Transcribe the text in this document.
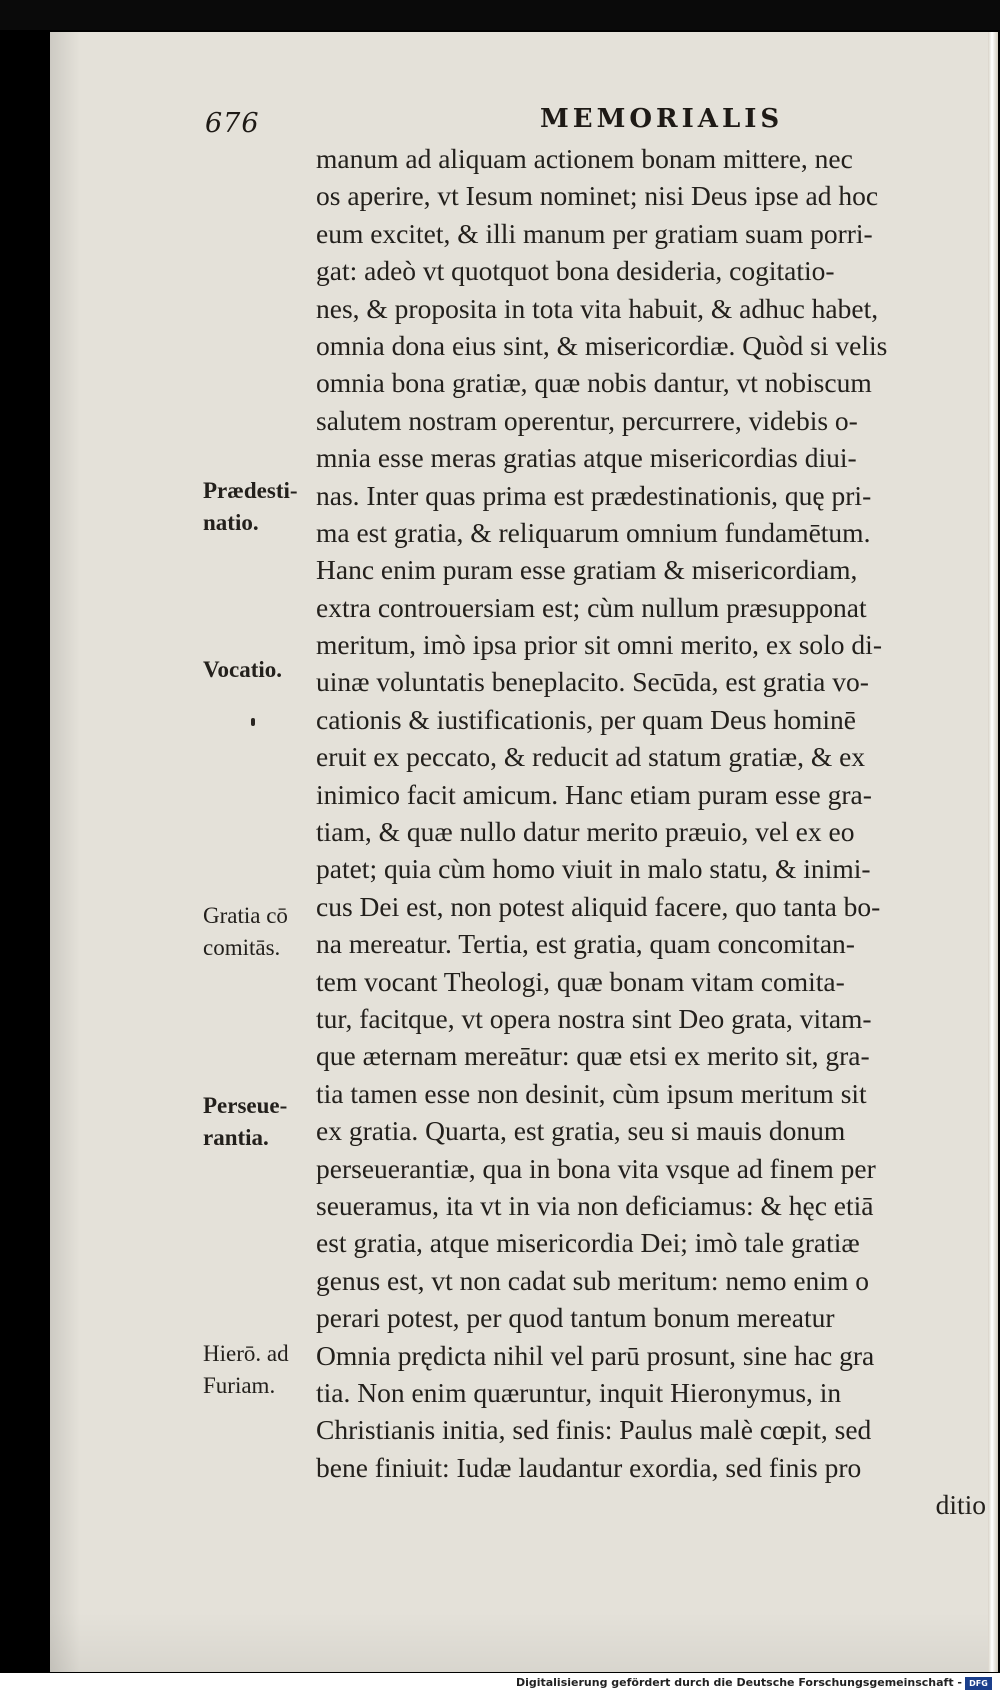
676	MEMORIALIS
manum ad aliquam actionem bonam mittere, nec
os aperire, vt Iesum nominet; nisi Deus ipse ad hoc
eum excitet, & illi manum per gratiam suam porri-
gat: adeò vt quotquot bona desideria, cogitatio-
nes, & proposita in tota vita habuit, & adhuc habet,
omnia dona eius sint, & misericordiæ. Quòd si velis
omnia bona gratiæ, quæ nobis dantur, vt nobiscum
salutem nostram operentur, percurrere, videbis o-
mnia esse meras gratias atque misericordias diui-
nas. Inter quas prima est prædestinationis, quę pri-
ma est gratia, & reliquarum omnium fundamētum.
Hanc enim puram esse gratiam & misericordiam,
extra controuersiam est; cùm nullum præsupponat
meritum, imò ipsa prior sit omni merito, ex solo di-
uinæ voluntatis beneplacito. Secūda, est gratia vo-
cationis & iustificationis, per quam Deus hominē
eruit ex peccato, & reducit ad statum gratiæ, & ex
inimico facit amicum. Hanc etiam puram esse gra-
tiam, & quæ nullo datur merito præuio, vel ex eo
patet; quia cùm homo viuit in malo statu, & inimi-
cus Dei est, non potest aliquid facere, quo tanta bo-
na mereatur. Tertia, est gratia, quam concomitan-
tem vocant Theologi, quæ bonam vitam comita-
tur, facitque, vt opera nostra sint Deo grata, vitam-
que æternam mereātur: quæ etsi ex merito sit, gra-
tia tamen esse non desinit, cùm ipsum meritum sit
ex gratia. Quarta, est gratia, seu si mauis donum
perseuerantiæ, qua in bona vita vsque ad finem per
seueramus, ita vt in via non deficiamus: & hęc etiā
est gratia, atque misericordia Dei; imò tale gratiæ
genus est, vt non cadat sub meritum: nemo enim o
perari potest, per quod tantum bonum mereatur
Omnia prędicta nihil vel parū prosunt, sine hac gra
tia. Non enim quæruntur, inquit Hieronymus, in
Christianis initia, sed finis: Paulus malè cœpit, sed
bene finiuit: Iudæ laudantur exordia, sed finis pro
ditio
Prædesti-
natio.
Vocatio.
Gratia cō
comitās.
Perseue-
rantia.
Hierō. ad
Furiam.
Digitalisierung gefördert durch die Deutsche Forschungsgemeinschaft - DFG
